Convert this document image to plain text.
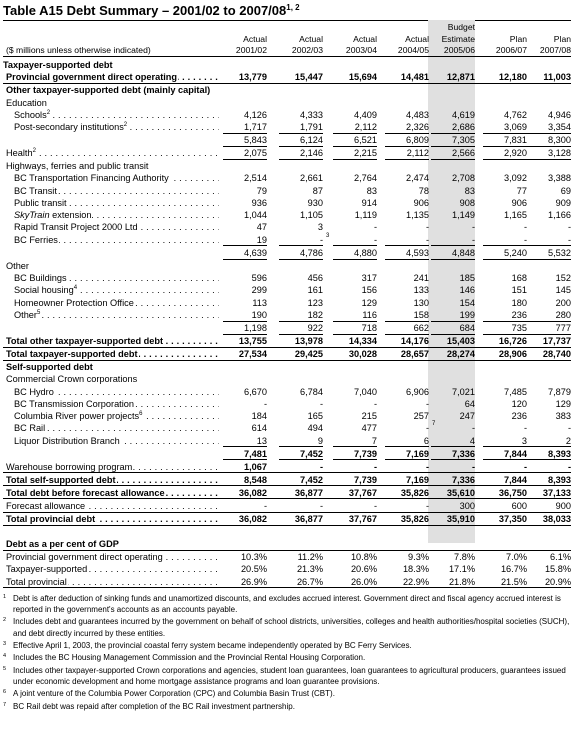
Table A15 Debt Summary – 2001/02 to 2007/08$^{1, 2}$
($ millions unless otherwise indicated)
Actual
2001/02
Actual
2002/03
Actual
2003/04
Actual
2004/05
Budget
Estimate
2005/06
Plan
2006/07
Plan
2007/08
Taxpayer-supported debt
Provincial government direct operating . . .	13,779	15,447	15,694	14,481	12,871	12,180	11,003
Other taxpayer-supported debt (mainly capital)
Education
Schools$^2$ . . .	4,126	4,333	4,409	4,483	4,619	4,762	4,946
Post-secondary institutions$^2$ . . .	1,717	1,791	2,112	2,326	2,686	3,069	3,354
5,843	6,124	6,521	6,809	7,305	7,831	8,300
Health$^2$ . . .	2,075	2,146	2,215	2,112	2,566	2,920	3,128
Highways, ferries and public transit
BC Transportation Financing Authority . . .	2,514	2,661	2,764	2,474	2,708	3,092	3,388
BC Transit . . .	79	87	83	78	83	77	69
Public transit . . .	936	930	914	906	908	906	909
SkyTrain extension . . .	1,044	1,105	1,119	1,135	1,149	1,165	1,166
Rapid Transit Project 2000 Ltd . . .	47	3	-	-	-	-	-
BC Ferries . . .	19	-	-	-	-	-	-
3
4,639	4,786	4,880	4,593	4,848	5,240	5,532
Other
BC Buildings . . .	596	456	317	241	185	168	152
Social housing$^4$ . . .	299	161	156	133	146	151	145
Homeowner Protection Office . . .	113	123	129	130	154	180	200
Other$^5$ . . .	190	182	116	158	199	236	280
1,198	922	718	662	684	735	777
Total other taxpayer-supported debt . . .	13,755	13,978	14,334	14,176	15,403	16,726	17,737
Total taxpayer-supported debt . . .	27,534	29,425	30,028	28,657	28,274	28,906	28,740
Self-supported debt
Commercial Crown corporations
BC Hydro . . .	6,670	6,784	7,040	6,906	7,021	7,485	7,879
BC Transmission Corporation . . .	-	-	-	-	64	120	129
Columbia River power projects$^6$ . . .	184	165	215	257	247	236	383
BC Rail . . .	614	494	477	-	-	-	-
7
Liquor Distribution Branch . . .	13	9	7	6	4	3	2
7,481	7,452	7,739	7,169	7,336	7,844	8,393
Warehouse borrowing program . . .	1,067	-	-	-	-	-	-
Total self-supported debt . . .	8,548	7,452	7,739	7,169	7,336	7,844	8,393
Total debt before forecast allowance . . .	36,082	36,877	37,767	35,826	35,610	36,750	37,133
Forecast allowance . . .	-	-	-	-	300	600	900
Total provincial debt . . .	36,082	36,877	37,767	35,826	35,910	37,350	38,033
Debt as a per cent of GDP
Provincial government direct operating . . .	10.3%	11.2%	10.8%	9.3%	7.8%	7.0%	6.1%
Taxpayer-supported . . .	20.5%	21.3%	20.6%	18.3%	17.1%	16.7%	15.8%
Total provincial . . .	26.9%	26.7%	26.0%	22.9%	21.8%	21.5%	20.9%
1 Debt is after deduction of sinking funds and unamortized discounts, and excludes accrued interest. Government direct and fiscal agency accrued interest is reported in the government's accounts as an accounts payable.
2 Includes debt and guarantees incurred by the government on behalf of school districts, universities, colleges and health authorities/hospital societies (SUCH), and debt directly incurred by these entities.
3 Effective April 1, 2003, the provincial coastal ferry system became independently operated by BC Ferry Services.
4 Includes the BC Housing Management Commission and the Provincial Rental Housing Corporation.
5 Includes other taxpayer-supported Crown corporations and agencies, student loan guarantees, loan guarantees to agricultural producers, guarantees issued under economic development and home mortgage assistance programs and loan guarantee provisions.
6 A joint venture of the Columbia Power Corporation (CPC) and Columbia Basin Trust (CBT).
7 BC Rail debt was repaid after completion of the BC Rail investment partnership.
